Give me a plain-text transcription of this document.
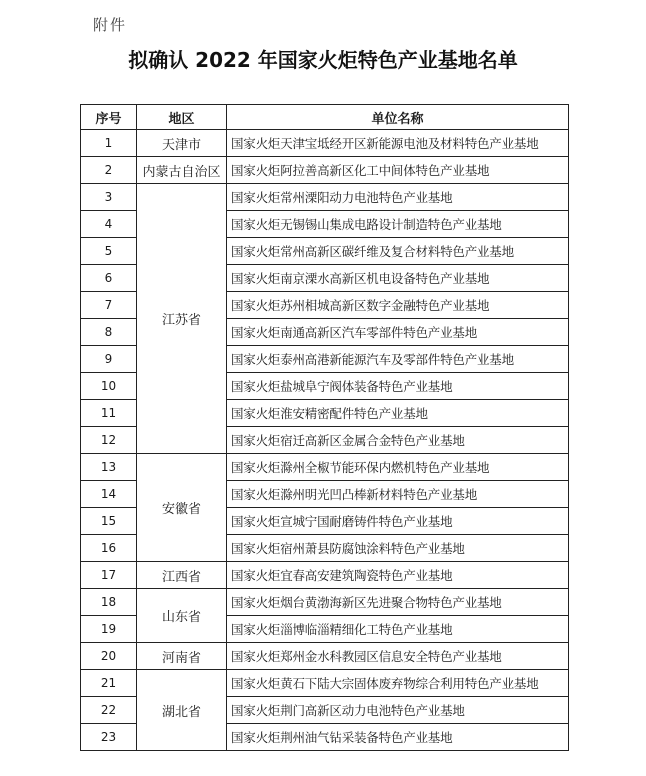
附件
拟确认 2022 年国家火炬特色产业基地名单
序号	地区	单位名称
1	天津市	国家火炬天津宝坻经开区新能源电池及材料特色产业基地
2	内蒙古自治区	国家火炬阿拉善高新区化工中间体特色产业基地
3	江苏省	国家火炬常州溧阳动力电池特色产业基地
4		国家火炬无锡锡山集成电路设计制造特色产业基地
5		国家火炬常州高新区碳纤维及复合材料特色产业基地
6		国家火炬南京溧水高新区机电设备特色产业基地
7		国家火炬苏州相城高新区数字金融特色产业基地
8		国家火炬南通高新区汽车零部件特色产业基地
9		国家火炬泰州高港新能源汽车及零部件特色产业基地
10		国家火炬盐城阜宁阀体装备特色产业基地
11		国家火炬淮安精密配件特色产业基地
12		国家火炬宿迁高新区金属合金特色产业基地
13	安徽省	国家火炬滁州全椒节能环保内燃机特色产业基地
14		国家火炬滁州明光凹凸棒新材料特色产业基地
15		国家火炬宣城宁国耐磨铸件特色产业基地
16		国家火炬宿州萧县防腐蚀涂料特色产业基地
17	江西省	国家火炬宜春高安建筑陶瓷特色产业基地
18	山东省	国家火炬烟台黄渤海新区先进聚合物特色产业基地
19		国家火炬淄博临淄精细化工特色产业基地
20	河南省	国家火炬郑州金水科教园区信息安全特色产业基地
21	湖北省	国家火炬黄石下陆大宗固体废弃物综合利用特色产业基地
22		国家火炬荆门高新区动力电池特色产业基地
23		国家火炬荆州油气钻采装备特色产业基地
